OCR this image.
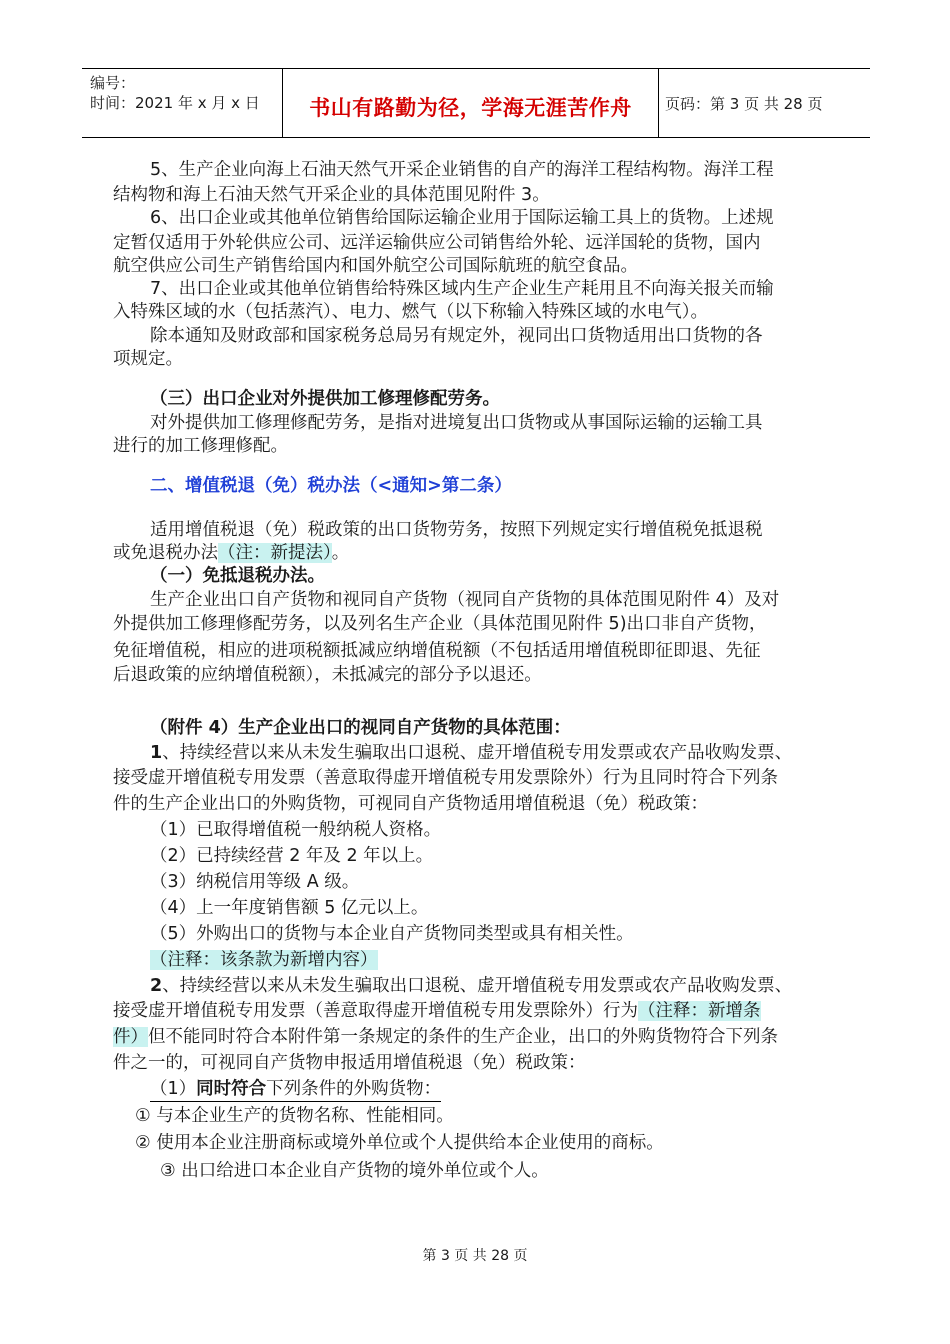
编号：
时间：2021 年 x 月 x 日	书山有路勤为径，学海无涯苦作舟	页码：第 3 页 共 28 页
5、生产企业向海上石油天然气开采企业销售的自产的海洋工程结构物。海洋工程
结构物和海上石油天然气开采企业的具体范围见附件 3。
6、出口企业或其他单位销售给国际运输企业用于国际运输工具上的货物。上述规
定暂仅适用于外轮供应公司、远洋运输供应公司销售给外轮、远洋国轮的货物，国内
航空供应公司生产销售给国内和国外航空公司国际航班的航空食品。
7、出口企业或其他单位销售给特殊区域内生产企业生产耗用且不向海关报关而输
入特殊区域的水（包括蒸汽）、电力、燃气（以下称输入特殊区域的水电气）。
除本通知及财政部和国家税务总局另有规定外，视同出口货物适用出口货物的各
项规定。
（三）出口企业对外提供加工修理修配劳务。
对外提供加工修理修配劳务，是指对进境复出口货物或从事国际运输的运输工具
进行的加工修理修配。
二、增值税退（免）税办法（<通知>第二条）
适用增值税退（免）税政策的出口货物劳务，按照下列规定实行增值税免抵退税
或免退税办法（注：新提法）。
（一）免抵退税办法。
生产企业出口自产货物和视同自产货物（视同自产货物的具体范围见附件 4）及对
外提供加工修理修配劳务，以及列名生产企业（具体范围见附件 5)出口非自产货物，
免征增值税，相应的进项税额抵减应纳增值税额（不包括适用增值税即征即退、先征
后退政策的应纳增值税额），未抵减完的部分予以退还。
（附件 4）生产企业出口的视同自产货物的具体范围：
1、持续经营以来从未发生骗取出口退税、虚开增值税专用发票或农产品收购发票、
接受虚开增值税专用发票（善意取得虚开增值税专用发票除外）行为且同时符合下列条
件的生产企业出口的外购货物，可视同自产货物适用增值税退（免）税政策：
（1）已取得增值税一般纳税人资格。
（2）已持续经营 2 年及 2 年以上。
（3）纳税信用等级 A 级。
（4）上一年度销售额 5 亿元以上。
（5）外购出口的货物与本企业自产货物同类型或具有相关性。
（注释：该条款为新增内容）
2、持续经营以来从未发生骗取出口退税、虚开增值税专用发票或农产品收购发票、
接受虚开增值税专用发票（善意取得虚开增值税专用发票除外）行为（注释：新增条
件）但不能同时符合本附件第一条规定的条件的生产企业，出口的外购货物符合下列条
件之一的，可视同自产货物申报适用增值税退（免）税政策：
（1）同时符合下列条件的外购货物：
① 与本企业生产的货物名称、性能相同。
② 使用本企业注册商标或境外单位或个人提供给本企业使用的商标。
③ 出口给进口本企业自产货物的境外单位或个人。
第 3 页 共 28 页
